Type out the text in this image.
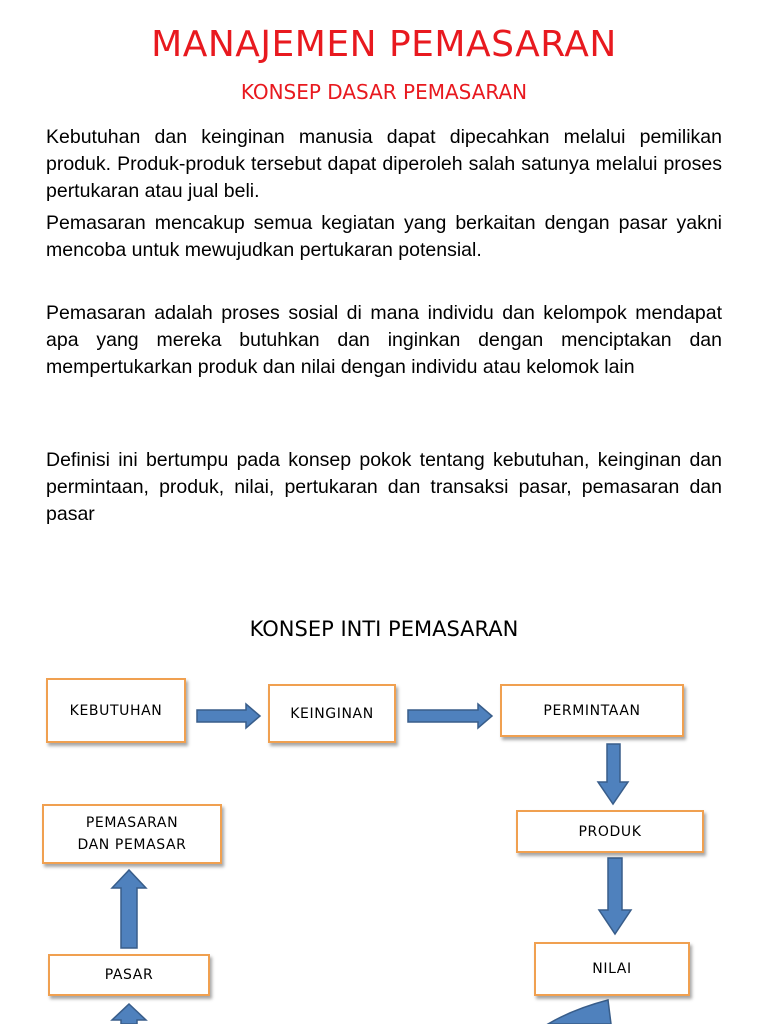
MANAJEMEN PEMASARAN
KONSEP DASAR PEMASARAN

Kebutuhan dan keinginan manusia dapat dipecahkan melalui pemilikan produk. Produk-produk tersebut dapat diperoleh salah satunya melalui proses pertukaran atau jual beli.

Pemasaran mencakup semua kegiatan yang berkaitan dengan pasar yakni mencoba untuk mewujudkan pertukaran potensial.

Pemasaran adalah proses sosial di mana individu dan kelompok mendapat apa yang mereka butuhkan dan inginkan dengan menciptakan dan mempertukarkan produk dan nilai dengan individu atau kelomok lain

Definisi ini bertumpu pada konsep pokok tentang kebutuhan, keinginan dan permintaan, produk, nilai, pertukaran dan transaksi pasar, pemasaran dan pasar

KONSEP INTI PEMASARAN
KEBUTUHAN	KEINGINAN	PERMINTAAN
PRODUK
NILAI
PEMASARAN
DAN PEMASAR
PASAR
